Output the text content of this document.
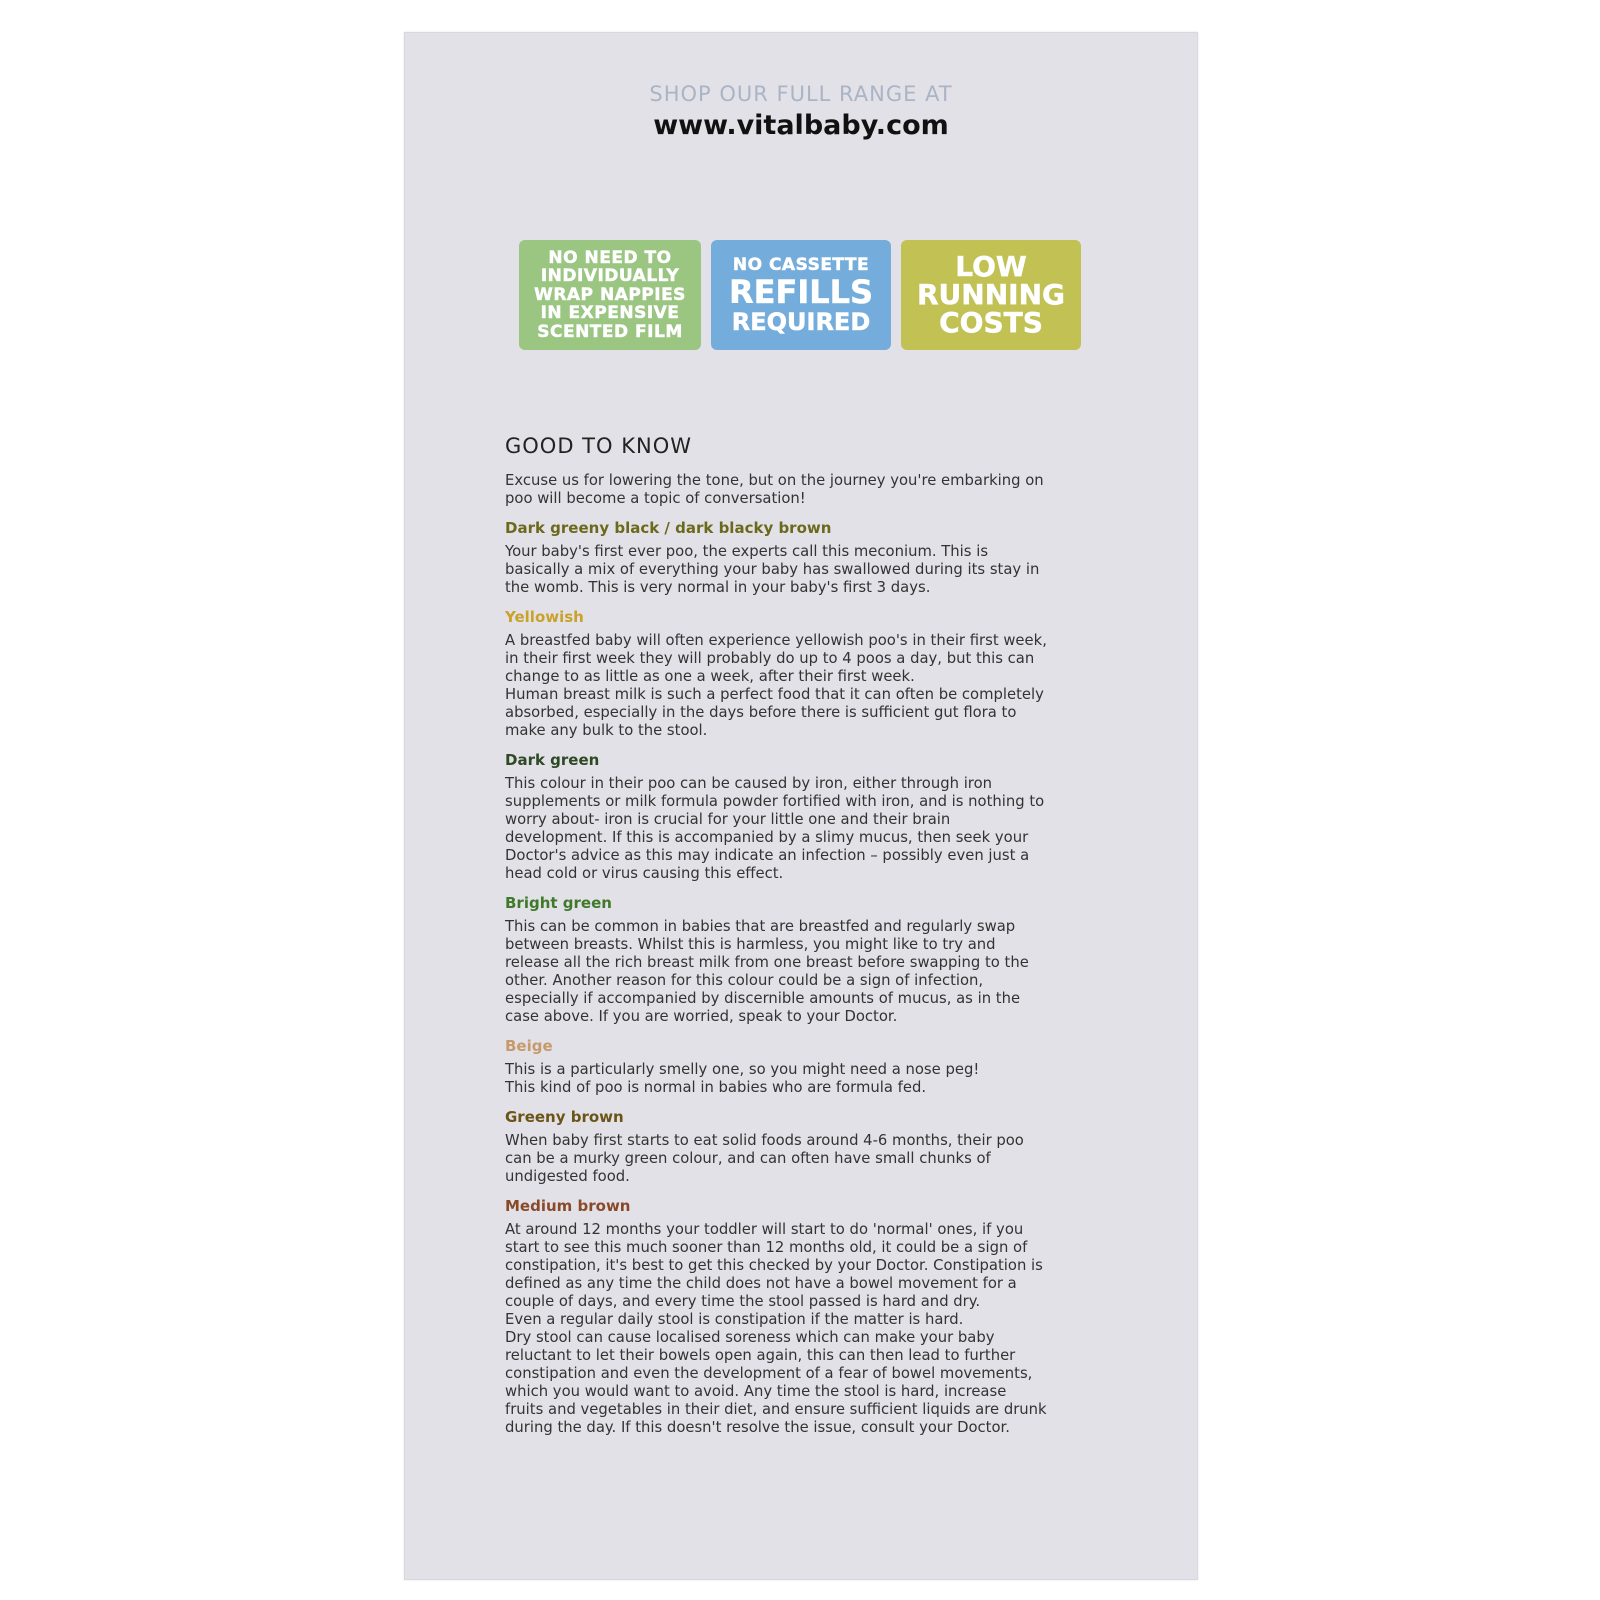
SHOP OUR FULL RANGE AT
www.vitalbaby.com
NO NEED TO
INDIVIDUALLY
WRAP NAPPIES
IN EXPENSIVE
SCENTED FILM
NO CASSETTE
REFILLS
REQUIRED
LOW
RUNNING
COSTS
GOOD TO KNOW

Excuse us for lowering the tone, but on the journey you're embarking on
poo will become a topic of conversation!

Dark greeny black / dark blacky brown

Your baby's first ever poo, the experts call this meconium. This is
basically a mix of everything your baby has swallowed during its stay in
the womb. This is very normal in your baby's first 3 days.

Yellowish

A breastfed baby will often experience yellowish poo's in their first week,
in their first week they will probably do up to 4 poos a day, but this can
change to as little as one a week, after their first week.
Human breast milk is such a perfect food that it can often be completely
absorbed, especially in the days before there is sufficient gut flora to
make any bulk to the stool.

Dark green

This colour in their poo can be caused by iron, either through iron
supplements or milk formula powder fortified with iron, and is nothing to
worry about- iron is crucial for your little one and their brain
development. If this is accompanied by a slimy mucus, then seek your
Doctor's advice as this may indicate an infection – possibly even just a
head cold or virus causing this effect.

Bright green

This can be common in babies that are breastfed and regularly swap
between breasts. Whilst this is harmless, you might like to try and
release all the rich breast milk from one breast before swapping to the
other. Another reason for this colour could be a sign of infection,
especially if accompanied by discernible amounts of mucus, as in the
case above. If you are worried, speak to your Doctor.

Beige

This is a particularly smelly one, so you might need a nose peg!
This kind of poo is normal in babies who are formula fed.

Greeny brown

When baby first starts to eat solid foods around 4-6 months, their poo
can be a murky green colour, and can often have small chunks of
undigested food.

Medium brown

At around 12 months your toddler will start to do 'normal' ones, if you
start to see this much sooner than 12 months old, it could be a sign of
constipation, it's best to get this checked by your Doctor. Constipation is
defined as any time the child does not have a bowel movement for a
couple of days, and every time the stool passed is hard and dry.
Even a regular daily stool is constipation if the matter is hard.
Dry stool can cause localised soreness which can make your baby
reluctant to let their bowels open again, this can then lead to further
constipation and even the development of a fear of bowel movements,
which you would want to avoid. Any time the stool is hard, increase
fruits and vegetables in their diet, and ensure sufficient liquids are drunk
during the day. If this doesn't resolve the issue, consult your Doctor.
